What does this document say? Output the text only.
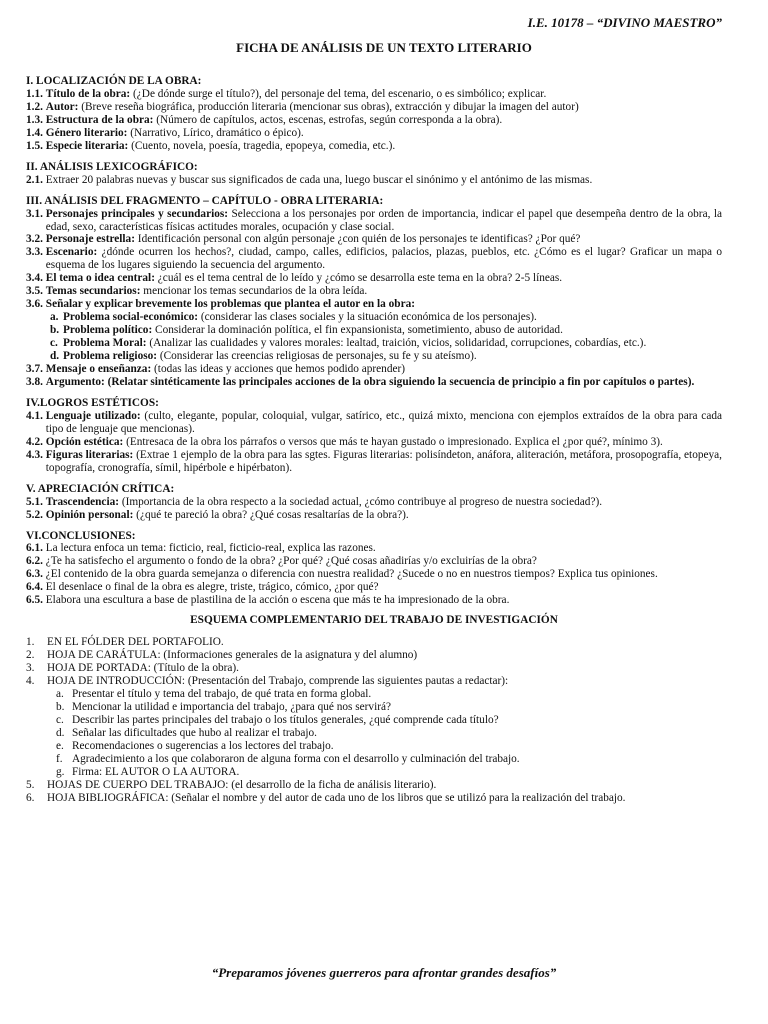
I.E. 10178 – “DIVINO MAESTRO”
FICHA DE ANÁLISIS DE UN TEXTO LITERARIO
I. LOCALIZACIÓN DE LA OBRA:
1.1. Título de la obra: (¿De dónde surge el título?), del personaje del tema, del escenario, o es simbólico; explicar.
1.2. Autor: (Breve reseña biográfica, producción literaria (mencionar sus obras), extracción y dibujar la imagen del autor)
1.3. Estructura de la obra: (Número de capítulos, actos, escenas, estrofas, según corresponda a la obra).
1.4. Género literario: (Narrativo, Lírico, dramático o épico).
1.5. Especie literaria: (Cuento, novela, poesía, tragedia, epopeya, comedia, etc.).
II. ANÁLISIS LEXICOGRÁFICO:
2.1. Extraer 20 palabras nuevas y buscar sus significados de cada una, luego buscar el sinónimo y el antónimo de las mismas.
III. ANÁLISIS DEL FRAGMENTO – CAPÍTULO - OBRA LITERARIA:
3.1. Personajes principales y secundarios: Selecciona a los personajes por orden de importancia, indicar el papel que desempeña dentro de la obra, la edad, sexo, características físicas actitudes morales, ocupación y clase social.
3.2. Personaje estrella: Identificación personal con algún personaje ¿con quién de los personajes te identificas? ¿Por qué?
3.3. Escenario: ¿dónde ocurren los hechos?, ciudad, campo, calles, edificios, palacios, plazas, pueblos, etc. ¿Cómo es el lugar? Graficar un mapa o esquema de los lugares siguiendo la secuencia del argumento.
3.4. El tema o idea central: ¿cuál es el tema central de lo leído y ¿cómo se desarrolla este tema en la obra? 2-5 líneas.
3.5. Temas secundarios: mencionar los temas secundarios de la obra leída.
3.6. Señalar y explicar brevemente los problemas que plantea el autor en la obra:
a. Problema social-económico: (considerar las clases sociales y la situación económica de los personajes).
b. Problema político: Considerar la dominación política, el fin expansionista, sometimiento, abuso de autoridad.
c. Problema Moral: (Analizar las cualidades y valores morales: lealtad, traición, vicios, solidaridad, corrupciones, cobardías, etc.).
d. Problema religioso: (Considerar las creencias religiosas de personajes, su fe y su ateísmo).
3.7. Mensaje o enseñanza: (todas las ideas y acciones que hemos podido aprender)
3.8. Argumento: (Relatar sintéticamente las principales acciones de la obra siguiendo la secuencia de principio a fin por capítulos o partes).
IV.LOGROS ESTÉTICOS:
4.1. Lenguaje utilizado: (culto, elegante, popular, coloquial, vulgar, satírico, etc., quizá mixto, menciona con ejemplos extraídos de la obra para cada tipo de lenguaje que mencionas).
4.2. Opción estética: (Entresaca de la obra los párrafos o versos que más te hayan gustado o impresionado. Explica el ¿por qué?, mínimo 3).
4.3. Figuras literarias: (Extrae 1 ejemplo de la obra para las sgtes. Figuras literarias: polisíndeton, anáfora, aliteración, metáfora, prosopografía, etopeya, topografía, cronografía, símil, hipérbole e hipérbaton).
V. APRECIACIÓN CRÍTICA:
5.1. Trascendencia: (Importancia de la obra respecto a la sociedad actual, ¿cómo contribuye al progreso de nuestra sociedad?).
5.2. Opinión personal: (¿qué te pareció la obra? ¿Qué cosas resaltarías de la obra?).
VI.CONCLUSIONES:
6.1. La lectura enfoca un tema: ficticio, real, ficticio-real, explica las razones.
6.2. ¿Te ha satisfecho el argumento o fondo de la obra? ¿Por qué? ¿Qué cosas añadirías y/o excluirías de la obra?
6.3. ¿El contenido de la obra guarda semejanza o diferencia con nuestra realidad? ¿Sucede o no en nuestros tiempos? Explica tus opiniones.
6.4. El desenlace o final de la obra es alegre, triste, trágico, cómico, ¿por qué?
6.5. Elabora una escultura a base de plastilina de la acción o escena que más te ha impresionado de la obra.
ESQUEMA COMPLEMENTARIO DEL TRABAJO DE INVESTIGACIÓN
1.	EN EL FÓLDER DEL PORTAFOLIO.
2.	HOJA DE CARÁTULA: (Informaciones generales de la asignatura y del alumno)
3.	HOJA DE PORTADA: (Título de la obra).
4.	HOJA DE INTRODUCCIÓN: (Presentación del Trabajo, comprende las siguientes pautas a redactar):
a. Presentar el título y tema del trabajo, de qué trata en forma global.
b. Mencionar la utilidad e importancia del trabajo, ¿para qué nos servirá?
c. Describir las partes principales del trabajo o los títulos generales, ¿qué comprende cada título?
d. Señalar las dificultades que hubo al realizar el trabajo.
e. Recomendaciones o sugerencias a los lectores del trabajo.
f. Agradecimiento a los que colaboraron de alguna forma con el desarrollo y culminación del trabajo.
g. Firma: EL AUTOR O LA AUTORA.
5.	HOJAS DE CUERPO DEL TRABAJO: (el desarrollo de la ficha de análisis literario).
6.	HOJA BIBLIOGRÁFICA: (Señalar el nombre y del autor de cada uno de los libros que se utilizó para la realización del trabajo.
“Preparamos jóvenes guerreros para afrontar grandes desafíos”
